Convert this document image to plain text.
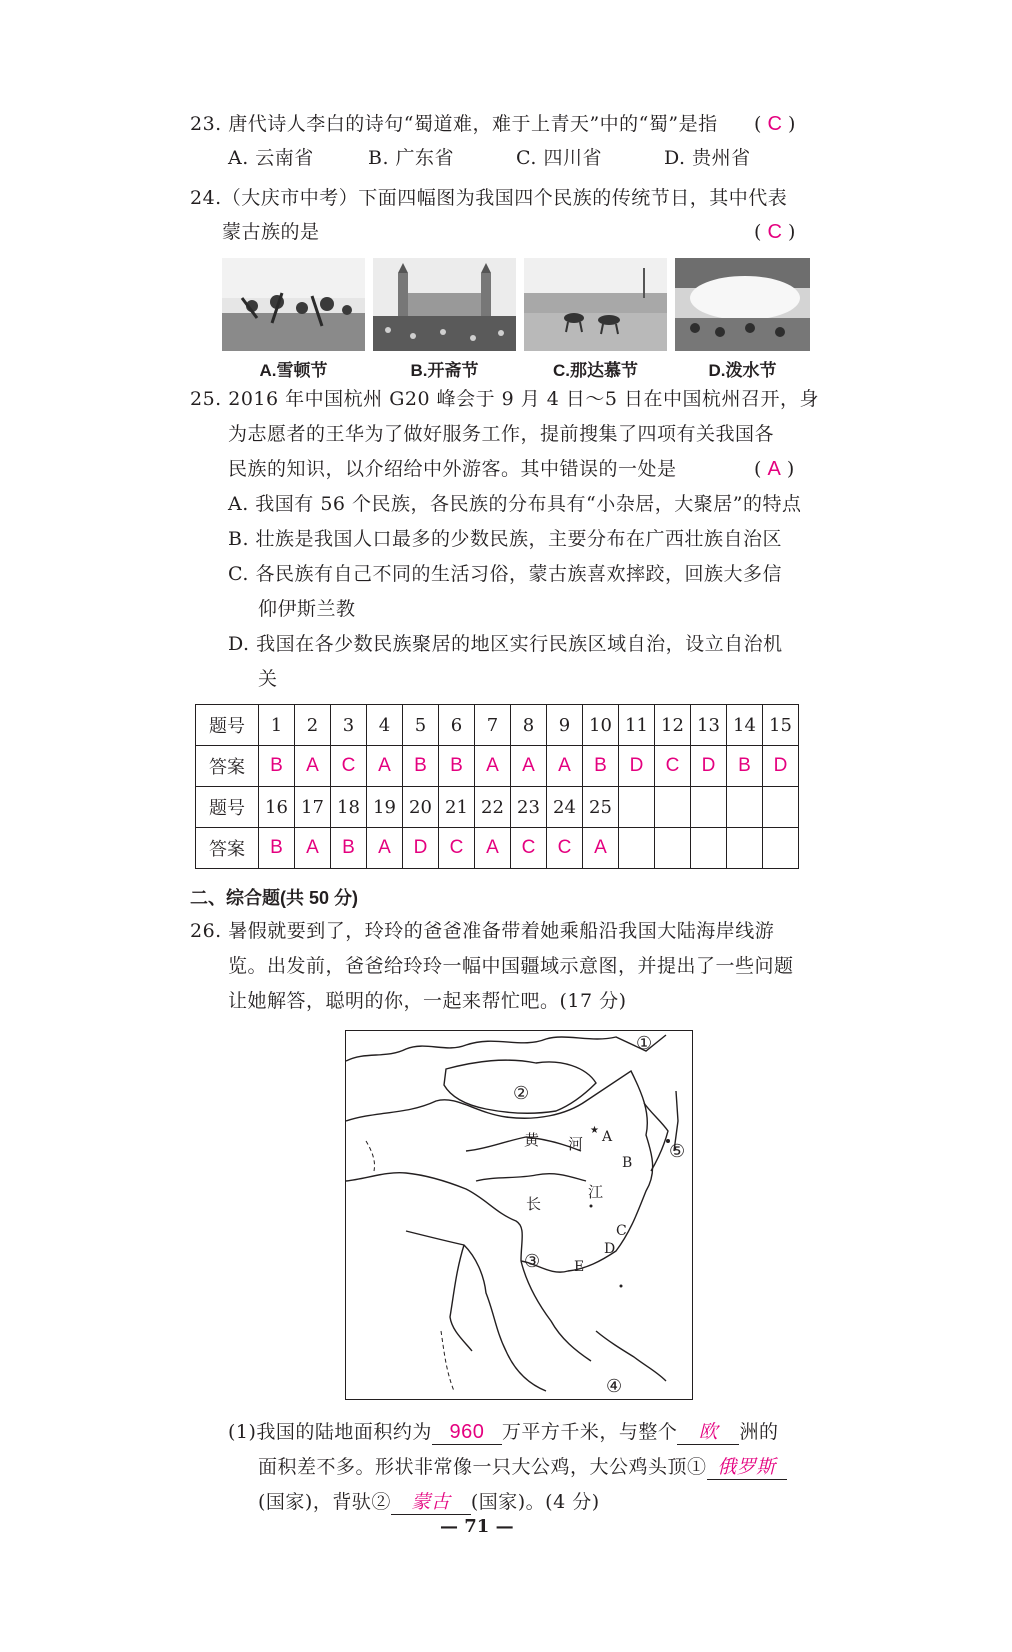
23. 唐代诗人李白的诗句“蜀道难，难于上青天”中的“蜀”是指 ( C )
A. 云南省	B. 广东省	C. 四川省	D. 贵州省
24.（大庆市中考）下面四幅图为我国四个民族的传统节日，其中代表
蒙古族的是	( C )
A.雪顿节	B.开斋节	C.那达慕节	D.泼水节
25. 2016 年中国杭州 G20 峰会于 9 月 4 日～5 日在中国杭州召开，身
为志愿者的王华为了做好服务工作，提前搜集了四项有关我国各
民族的知识，以介绍给中外游客。其中错误的一处是	( A )
A. 我国有 56 个民族，各民族的分布具有“小杂居，大聚居”的特点
B. 壮族是我国人口最多的少数民族，主要分布在广西壮族自治区
C. 各民族有自己不同的生活习俗，蒙古族喜欢摔跤，回族大多信
仰伊斯兰教
D. 我国在各少数民族聚居的地区实行民族区域自治，设立自治机
关
题号	1	2	3	4	5	6	7	8	9	10	11	12	13	14	15
答案	B	A	C	A	B	B	A	A	A	B	D	C	D	B	D
题号	16	17	18	19	20	21	22	23	24	25					
答案	B	A	B	A	D	C	A	C	C	A					
二、综合题(共 50 分)
26. 暑假就要到了，玲玲的爸爸准备带着她乘船沿我国大陆海岸线游
览。出发前，爸爸给玲玲一幅中国疆域示意图，并提出了一些问题
让她解答，聪明的你，一起来帮忙吧。(17 分)
①
②
③
④
⑤
黄 河
长
江
★ A
B
C
D
E
(1)我国的陆地面积约为 960 万平方千米，与整个 欧 洲的
面积差不多。形状非常像一只大公鸡，大公鸡头顶① 俄罗斯
(国家)，背驮② 蒙古 (国家)。(4 分)
— 71 —
